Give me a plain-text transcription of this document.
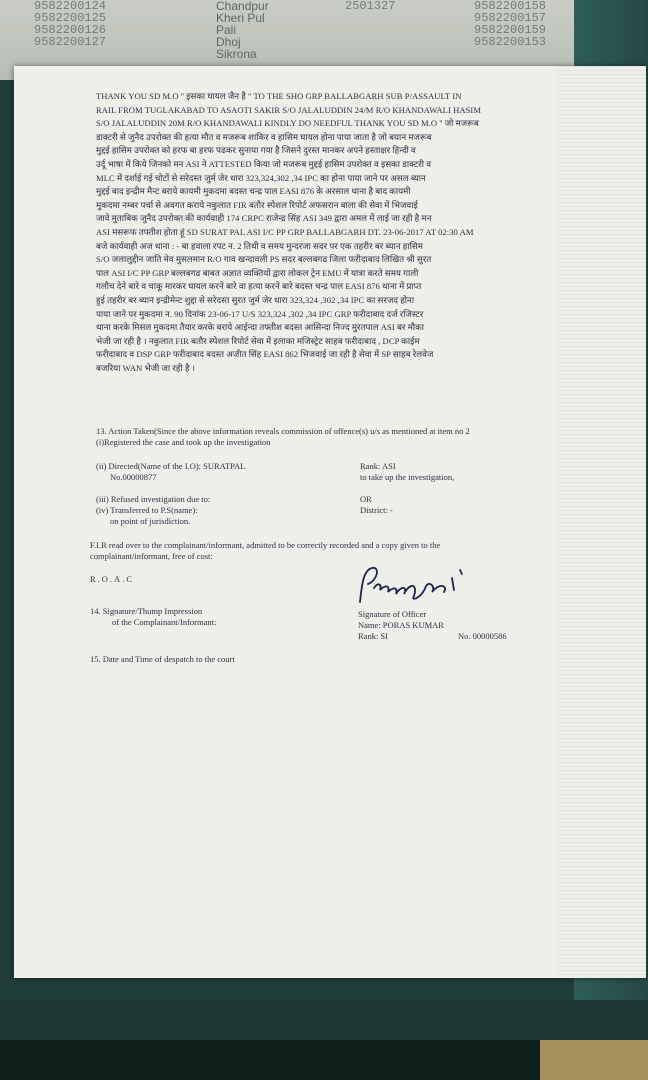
9582200124
9582200125
9582200126
9582200127
Chandpur
Kheri Pul
Pali
Dhoj
Sikrona
2501327	9582200158
9582200157
9582200159
9582200153

THANK YOU SD M.O '' इसका घायल जैन है '' TO THE SHO GRP BALLABGARH SUB P/ASSAULT IN

RAIL FROM TUGLAKABAD TO ASAOTI SAKIR S/O JALALUDDIN 24/M R/O KHANDAWALI HASIM

S/O JALALUDDIN 20M R/O KHANDAWALI KINDLY DO NEEDFUL THANK YOU SD M.O '' जो मजरूब

डाक्टरी से जुनैद उपरोक्त की हत्या मौत व मजरूब शाकिर व हासिम घायल होना पाया जाता है जो बयान मजरूब

मुद्दई हासिम उपरोक्त को हरफ बा हरफ पढकर सुनाया गया है जिसने दुरस्त मानकर अपने हस्ताक्षर हिन्दी व

उर्दू भाषा में किये जिनको मन ASI ने ATTESTED किया जो मजरूब मुद्दई हासिम उपरोक्त व इसका डाक्टरी व

MLC में दर्शाई गई चोटों से सरेदस्त जुर्म जेर धारा 323,324,302 ,34 IPC का होना पाया जाने पर असल ब्यान

मुद्दई बाद इन्द्रीम मैन्ट बराये कायमी मुकदमा बदस्त चन्द्र पाल EASI 876 के अरसाल थाना है बाद कायमी

मुकदमा नम्बर पर्चा से अवगत कराये नकुलात FIR बतौर स्पेशल रिपोर्ट अफसरान बाला की सेवा में भिजवाई

जावे मुताबिक जुनैद उपरोक्त की कार्यवाही 174 CRPC राजेन्द्र सिंह ASI 349 द्वारा अमल में लाई जा रही है मन

ASI मसरूफ तफ्तीश होता हूं SD SURAT PAL ASI I/C PP GRP BALLABGARH DT. 23-06-2017 AT 02:30 AM

बजे कार्यवाही अज थाना : - बा हवाला रपट न. 2 तिथी व समय मुन्दरजा सदर पर एक तहरीर बर ब्यान हासिम

S/O जलालुद्दीन जाति मेव मुसलमान R/O गाव खन्दावली PS सदर बल्लबगढ जिला फरीदाबाद लिखित श्री सुरत

पाल ASI I/C PP GRP बल्लबगढ बाबत अज्ञात व्यक्तियों द्वारा लोकल ट्रेन EMU में यात्रा करते समय गाली

गलौच देने बारे व चाकू मारकर घायल करने बारे वा हत्या करने बारे बदस्त चन्द्र पाल EASI 876 थाना में प्राप्त

हुई तहरीर बर ब्यान इन्द्रीमेन्ट शुद्दा से सरेदस्त सुरत जुर्म जेर धारा 323,324 ,302 ,34 IPC का सरजद होना

पाया जाने पर मुकदमा न. 90 दिनांक 23-06-17 U/S 323,324 ,302 ,34 IPC GRP फरीदाबाद दर्ज रजिस्टर

थाना करके मिसल मुकदमा तैयार करके बराये आईन्दा तफ्तीश बदस्त आसिन्दा निज्द मुरतपाल ASI बर मौका

भेजी जा रही है । नकुलात FIR बतौर स्पेशल रिपोर्ट सेवा में इलाका मजिस्ट्रेट साहब फरीदाबाद , DCP काईम

फरीदाबाद व DSP GRP फरीदाबाद बदस्त अजीत सिंह EASI 862 भिजवाई जा रही है सेवा में SP साहब रेलवेज

बजरिया WAN भेजी जा रही है ।

13. Action Taken(Since the above information reveals commission of offence(s) u/s as mentioned at item no 2
(i)Registered the case and took up the investigation
(ii) Directed(Name of the I.O): SURATPAL
No.00000877
Rank: ASI
to take up the investigation,
(iii) Refused investigation due to:
(iv) Transferred to P.S(name):
on point of jurisdiction.
OR
District: -
F.I.R read over to the complainant/informant, admitted to be correctly recorded and a copy given to the
complainant/informant, free of cost:
R.O.A.C
14. Signature/Thump Impression
of the Complainant/Informant:
Signature of Officer
Name: PORAS KUMAR
Rank: SI	No. 00000586
15. Date and Time of despatch to the court
